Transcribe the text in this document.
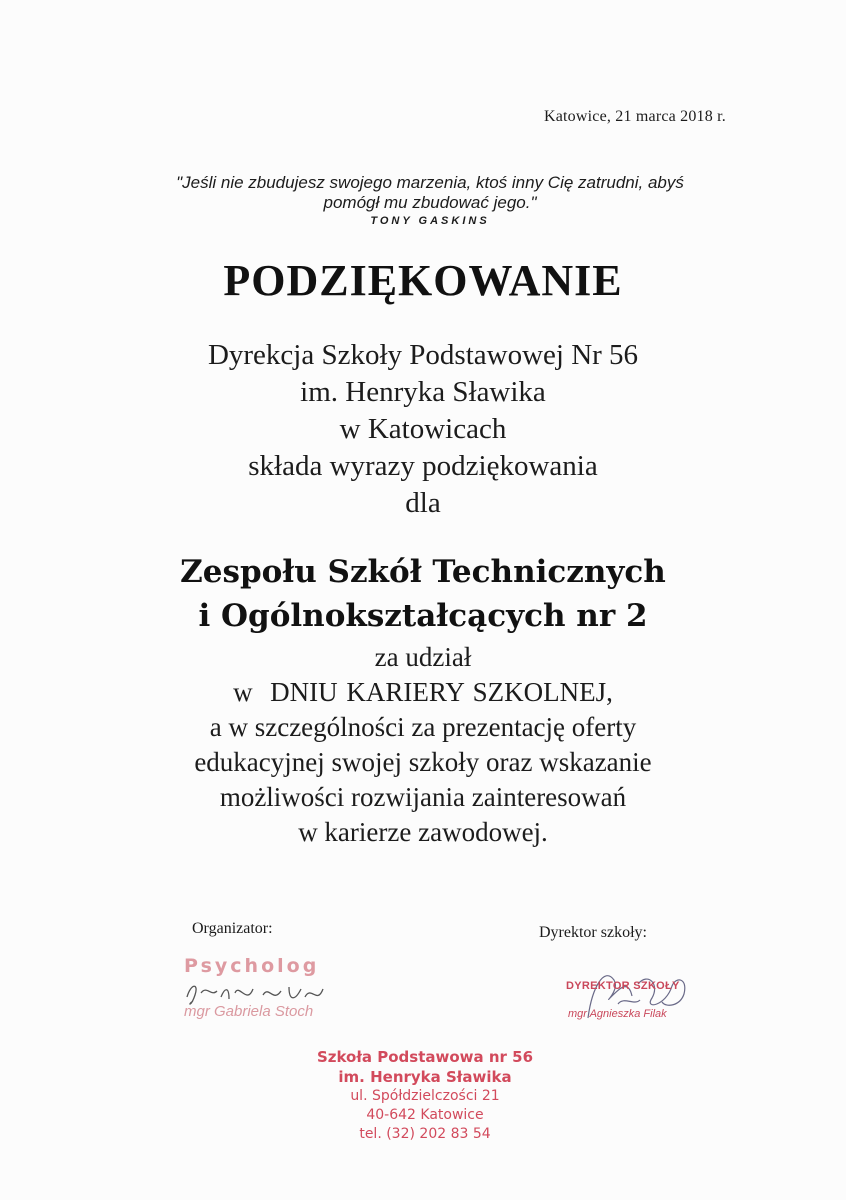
Katowice, 21 marca 2018 r.
"Jeśli nie zbudujesz swojego marzenia, ktoś inny Cię zatrudni, abyś
pomógł mu zbudować jego."
TONY GASKINS
PODZIĘKOWANIE
Dyrekcja Szkoły Podstawowej Nr 56
im. Henryka Sławika
w Katowicach
składa wyrazy podziękowania
dla
Zespołu Szkół Technicznych
i Ogólnokształcących nr 2
za udział
w  DNIU KARIERY SZKOLNEJ,
a w szczególności za prezentację oferty
edukacyjnej swojej szkoły oraz wskazanie
możliwości rozwijania zainteresowań
w karierze zawodowej.
Organizator:	Dyrektor szkoły:
Psycholog
mgr Gabriela Stoch
DYREKTOR SZKOŁY
mgr Agnieszka Filak
Szkoła Podstawowa nr 56
im. Henryka Sławika
ul. Spółdzielczości 21
40-642 Katowice
tel. (32) 202 83 54
